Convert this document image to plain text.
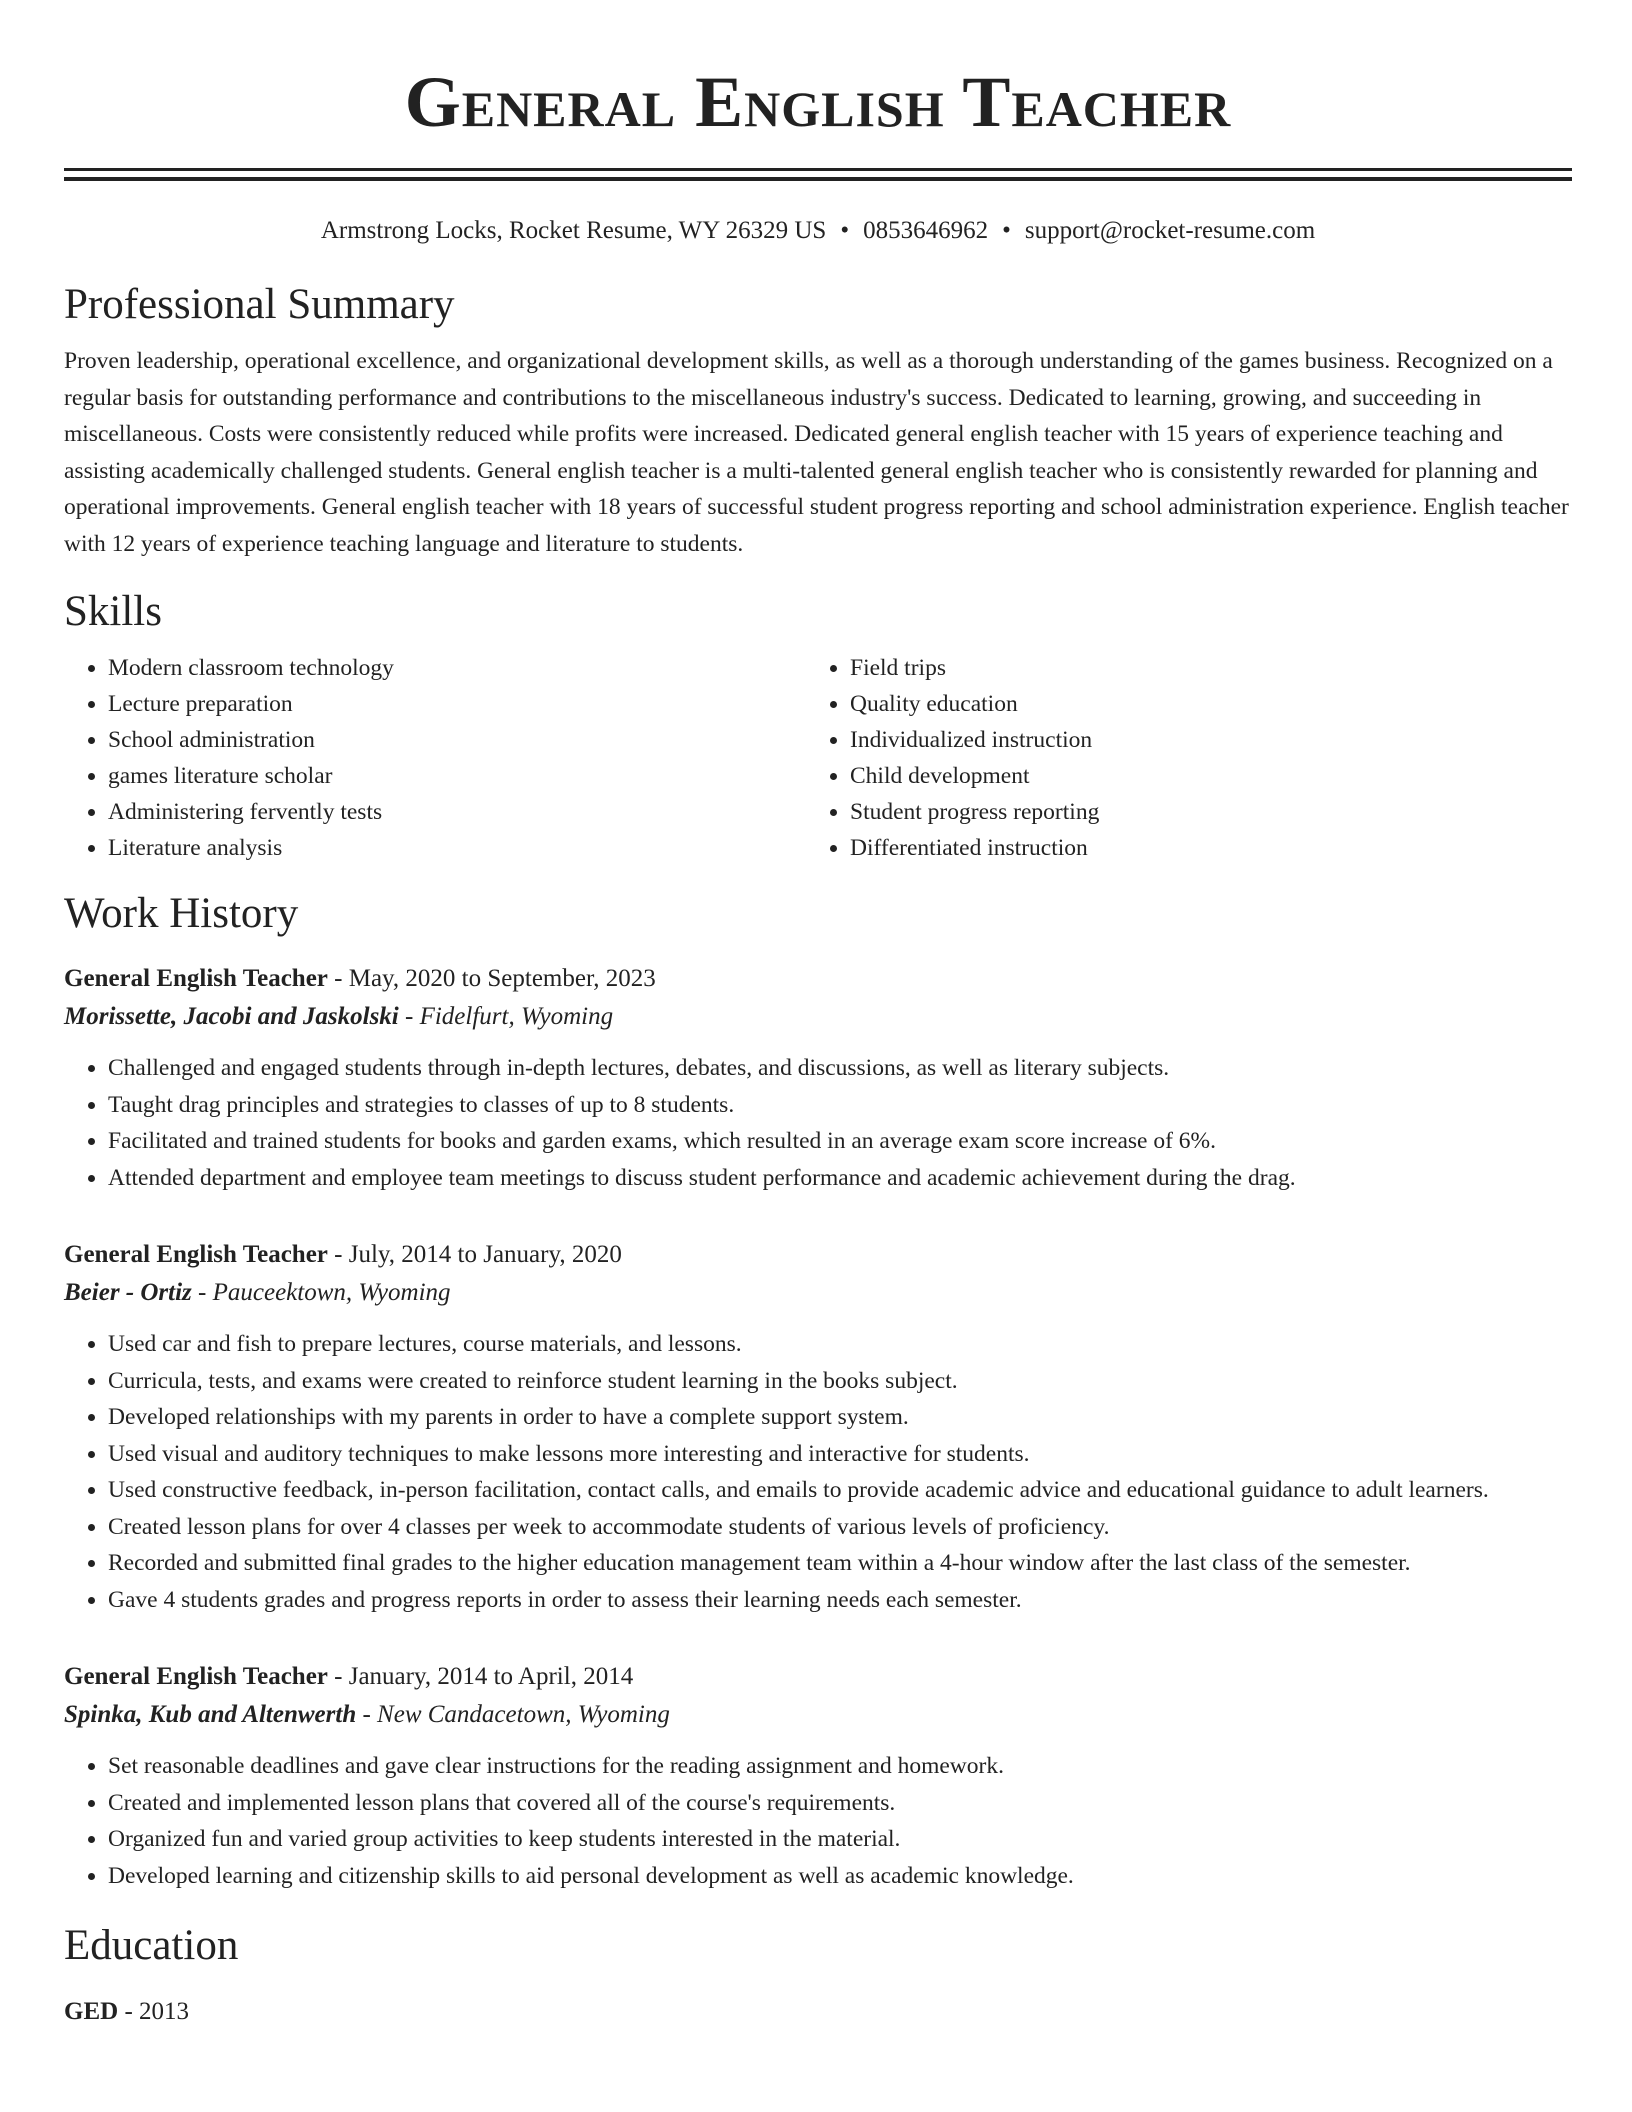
General English Teacher
Armstrong Locks, Rocket Resume, WY 26329 US • 0853646962 • support@rocket-resume.com
Professional Summary

Proven leadership, operational excellence, and organizational development skills, as well as a thorough understanding of the games business. Recognized on a regular basis for outstanding performance and contributions to the miscellaneous industry's success. Dedicated to learning, growing, and succeeding in miscellaneous. Costs were consistently reduced while profits were increased. Dedicated general english teacher with 15 years of experience teaching and assisting academically challenged students. General english teacher is a multi-talented general english teacher who is consistently rewarded for planning and operational improvements. General english teacher with 18 years of successful student progress reporting and school administration experience. English teacher with 12 years of experience teaching language and literature to students.

Skills
• Modern classroom technology
• Lecture preparation
• School administration
• games literature scholar
• Administering fervently tests
• Literature analysis
• Field trips
• Quality education
• Individualized instruction
• Child development
• Student progress reporting
• Differentiated instruction
Work History
General English Teacher - May, 2020 to September, 2023
Morissette, Jacobi and Jaskolski - Fidelfurt, Wyoming
• Challenged and engaged students through in-depth lectures, debates, and discussions, as well as literary subjects.
• Taught drag principles and strategies to classes of up to 8 students.
• Facilitated and trained students for books and garden exams, which resulted in an average exam score increase of 6%.
• Attended department and employee team meetings to discuss student performance and academic achievement during the drag.
General English Teacher - July, 2014 to January, 2020
Beier - Ortiz - Pauceektown, Wyoming
• Used car and fish to prepare lectures, course materials, and lessons.
• Curricula, tests, and exams were created to reinforce student learning in the books subject.
• Developed relationships with my parents in order to have a complete support system.
• Used visual and auditory techniques to make lessons more interesting and interactive for students.
• Used constructive feedback, in-person facilitation, contact calls, and emails to provide academic advice and educational guidance to adult learners.
• Created lesson plans for over 4 classes per week to accommodate students of various levels of proficiency.
• Recorded and submitted final grades to the higher education management team within a 4-hour window after the last class of the semester.
• Gave 4 students grades and progress reports in order to assess their learning needs each semester.
General English Teacher - January, 2014 to April, 2014
Spinka, Kub and Altenwerth - New Candacetown, Wyoming
• Set reasonable deadlines and gave clear instructions for the reading assignment and homework.
• Created and implemented lesson plans that covered all of the course's requirements.
• Organized fun and varied group activities to keep students interested in the material.
• Developed learning and citizenship skills to aid personal development as well as academic knowledge.
Education
GED - 2013
